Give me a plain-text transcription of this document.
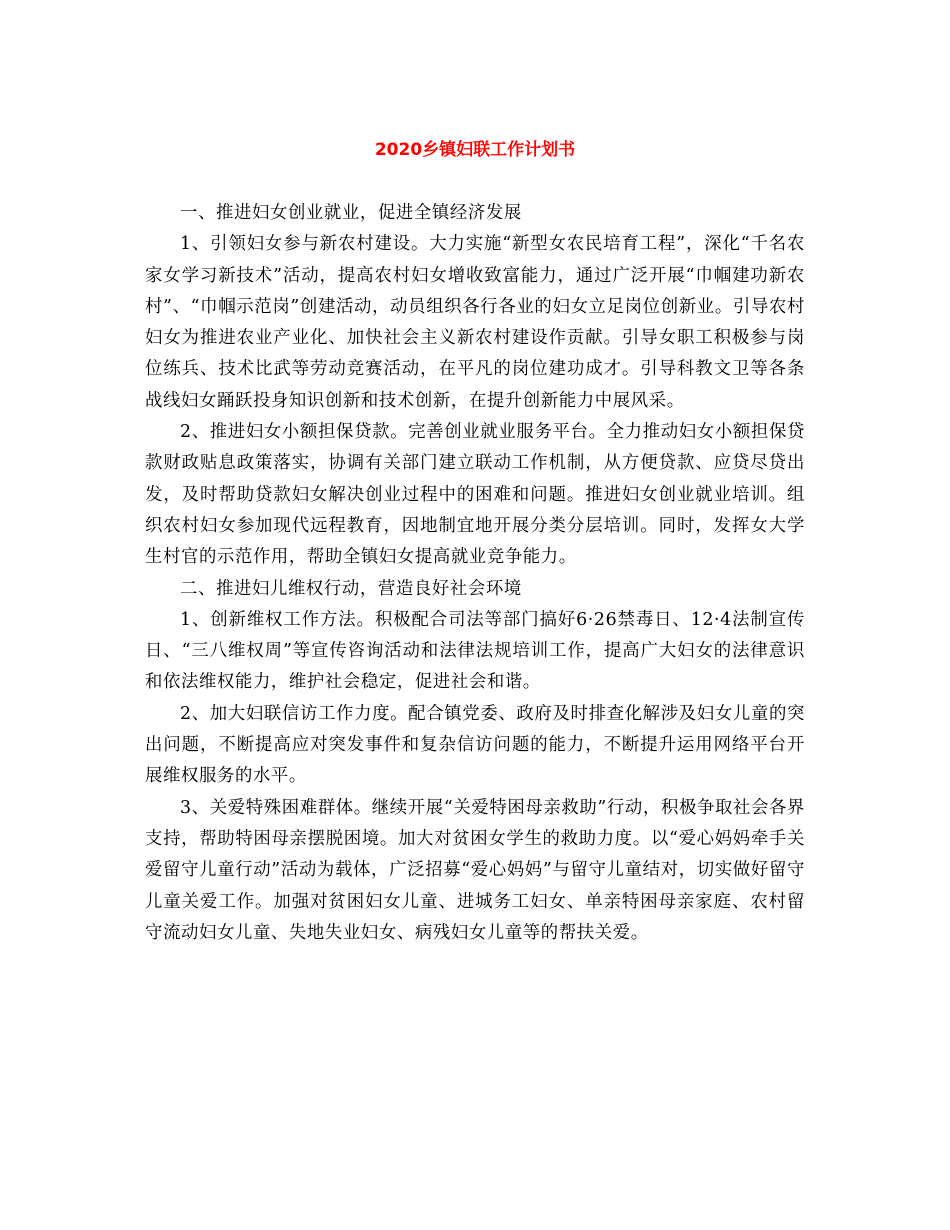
2020乡镇妇联工作计划书

一、推进妇女创业就业，促进全镇经济发展

1、引领妇女参与新农村建设。大力实施“新型女农民培育工程”，深化“千名农家女学习新技术”活动，提高农村妇女增收致富能力，通过广泛开展“巾帼建功新农村”、“巾帼示范岗”创建活动，动员组织各行各业的妇女立足岗位创新业。引导农村妇女为推进农业产业化、加快社会主义新农村建设作贡献。引导女职工积极参与岗位练兵、技术比武等劳动竞赛活动，在平凡的岗位建功成才。引导科教文卫等各条战线妇女踊跃投身知识创新和技术创新，在提升创新能力中展风采。

2、推进妇女小额担保贷款。完善创业就业服务平台。全力推动妇女小额担保贷款财政贴息政策落实，协调有关部门建立联动工作机制，从方便贷款、应贷尽贷出发，及时帮助贷款妇女解决创业过程中的困难和问题。推进妇女创业就业培训。组织农村妇女参加现代远程教育，因地制宜地开展分类分层培训。同时，发挥女大学生村官的示范作用，帮助全镇妇女提高就业竞争能力。

二、推进妇儿维权行动，营造良好社会环境

1、创新维权工作方法。积极配合司法等部门搞好6·26禁毒日、12·4法制宣传日、“三八维权周”等宣传咨询活动和法律法规培训工作，提高广大妇女的法律意识和依法维权能力，维护社会稳定，促进社会和谐。

2、加大妇联信访工作力度。配合镇党委、政府及时排查化解涉及妇女儿童的突出问题，不断提高应对突发事件和复杂信访问题的能力，不断提升运用网络平台开展维权服务的水平。

3、关爱特殊困难群体。继续开展“关爱特困母亲救助”行动，积极争取社会各界支持，帮助特困母亲摆脱困境。加大对贫困女学生的救助力度。以“爱心妈妈牵手关爱留守儿童行动”活动为载体，广泛招募“爱心妈妈”与留守儿童结对，切实做好留守儿童关爱工作。加强对贫困妇女儿童、进城务工妇女、单亲特困母亲家庭、农村留守流动妇女儿童、失地失业妇女、病残妇女儿童等的帮扶关爱。
